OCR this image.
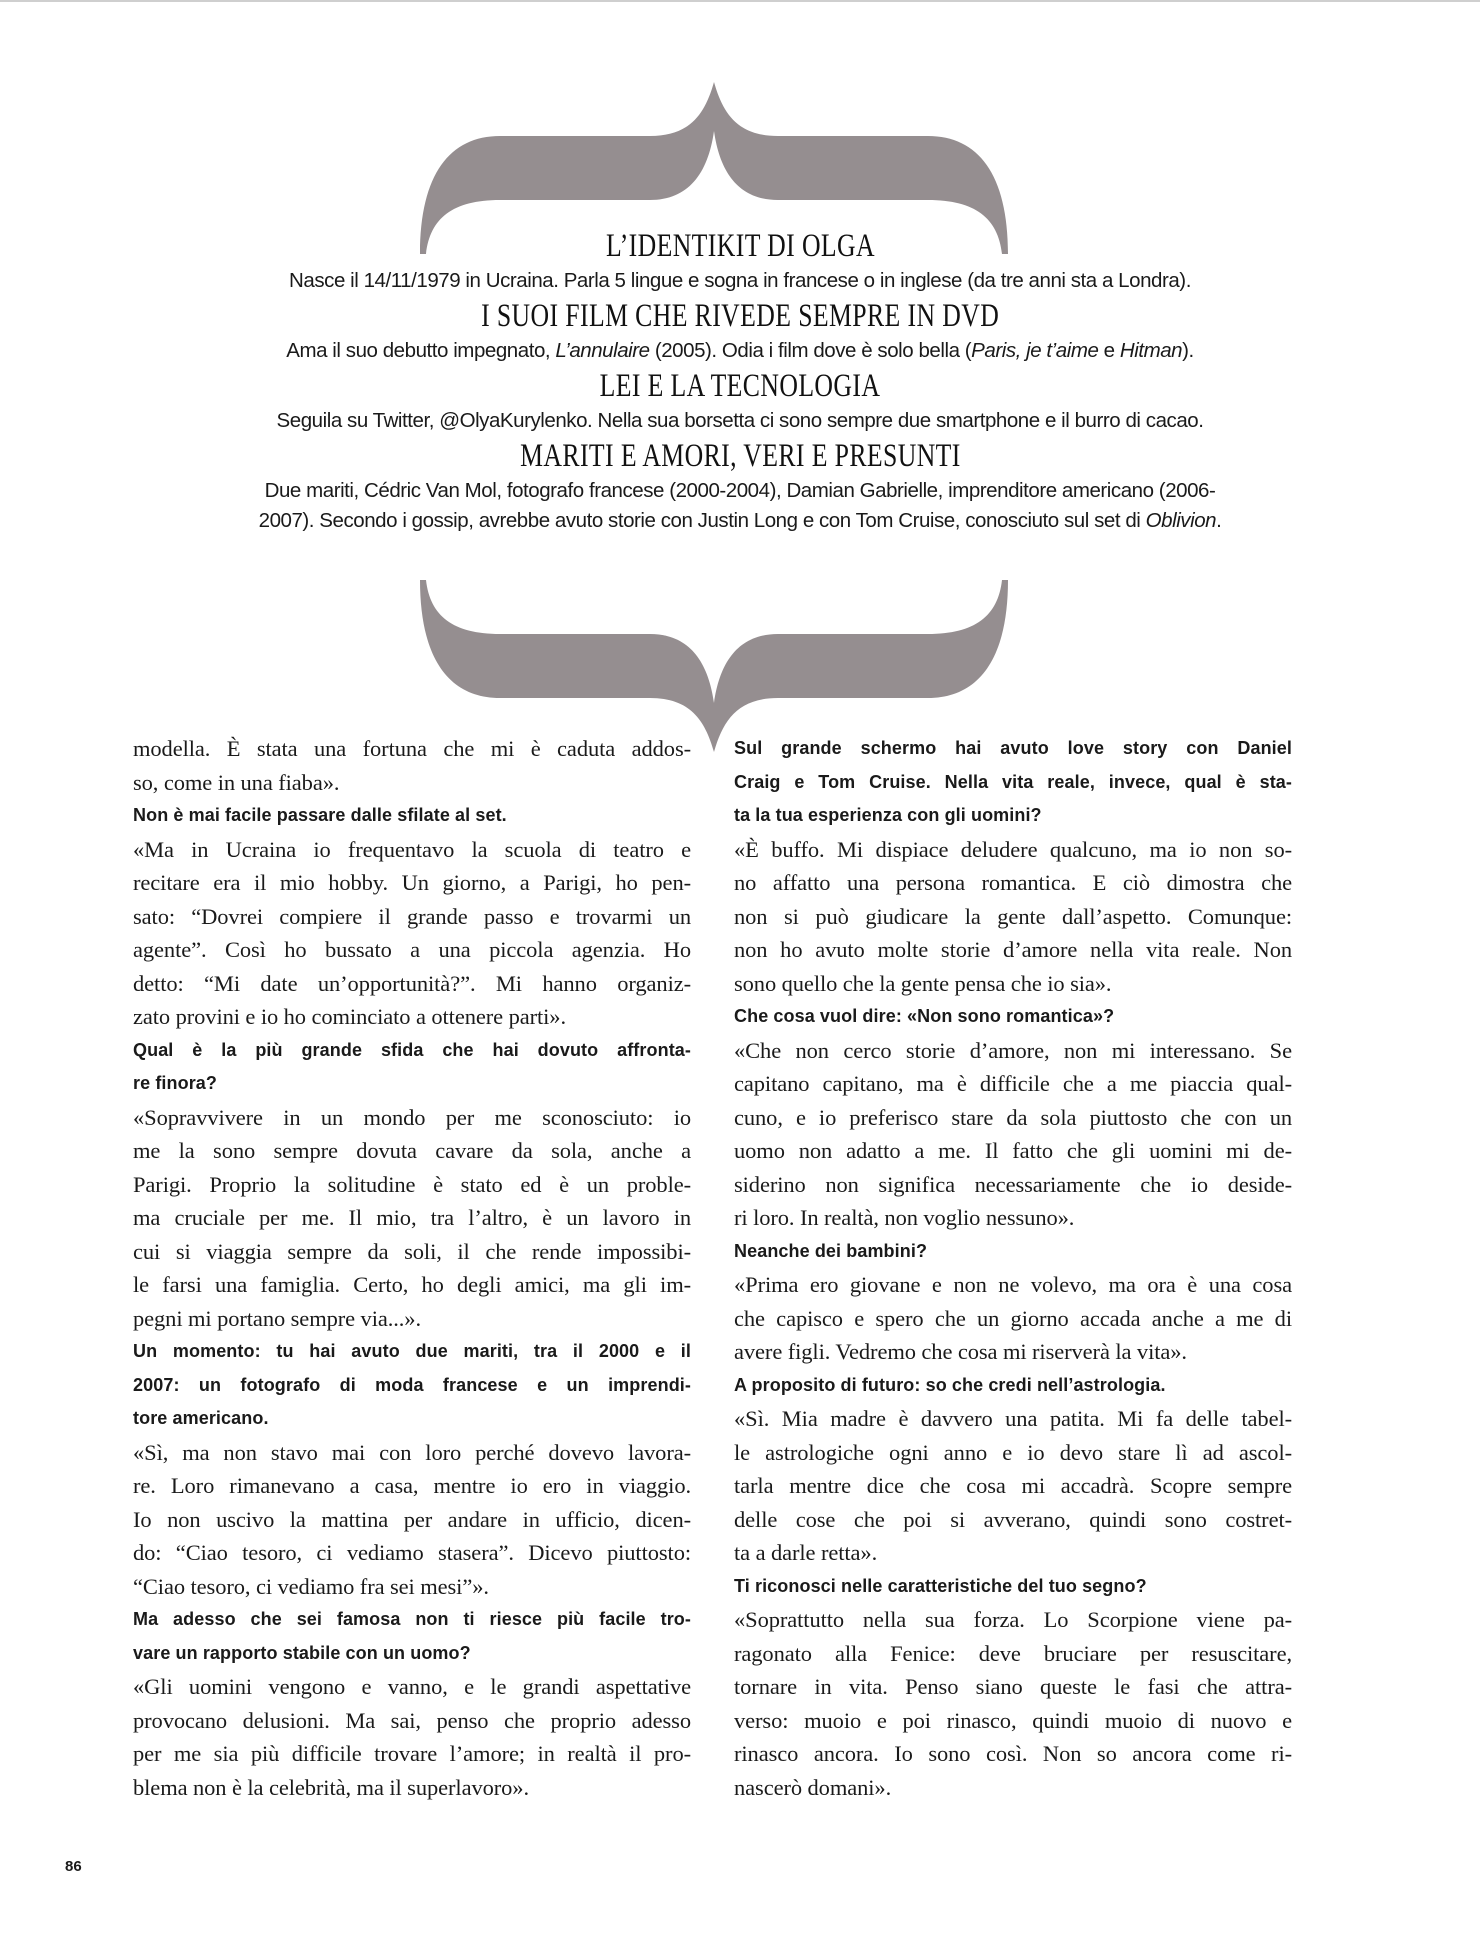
L’IDENTIKIT DI OLGA
Nasce il 14/11/1979 in Ucraina. Parla 5 lingue e sogna in francese o in inglese (da tre anni sta a Londra).
I SUOI FILM CHE RIVEDE SEMPRE IN DVD
Ama il suo debutto impegnato, L’annulaire (2005). Odia i film dove è solo bella (Paris, je t’aime e Hitman).
LEI E LA TECNOLOGIA
Seguila su Twitter, @OlyaKurylenko. Nella sua borsetta ci sono sempre due smartphone e il burro di cacao.
MARITI E AMORI, VERI E PRESUNTI
Due mariti, Cédric Van Mol, fotografo francese (2000-2004), Damian Gabrielle, imprenditore americano (2006-
2007). Secondo i gossip, avrebbe avuto storie con Justin Long e con Tom Cruise, conosciuto sul set di Oblivion.
modella. È stata una fortuna che mi è caduta addos-
so, come in una fiaba».
Non è mai facile passare dalle sfilate al set.
«Ma in Ucraina io frequentavo la scuola di teatro e
recitare era il mio hobby. Un giorno, a Parigi, ho pen-
sato: “Dovrei compiere il grande passo e trovarmi un
agente”. Così ho bussato a una piccola agenzia. Ho
detto: “Mi date un’opportunità?”. Mi hanno organiz-
zato provini e io ho cominciato a ottenere parti».
Qual è la più grande sfida che hai dovuto affronta-
re finora?
«Sopravvivere in un mondo per me sconosciuto: io
me la sono sempre dovuta cavare da sola, anche a
Parigi. Proprio la solitudine è stato ed è un proble-
ma cruciale per me. Il mio, tra l’altro, è un lavoro in
cui si viaggia sempre da soli, il che rende impossibi-
le farsi una famiglia. Certo, ho degli amici, ma gli im-
pegni mi portano sempre via...».
Un momento: tu hai avuto due mariti, tra il 2000 e il
2007: un fotografo di moda francese e un imprendi-
tore americano.
«Sì, ma non stavo mai con loro perché dovevo lavora-
re. Loro rimanevano a casa, mentre io ero in viaggio.
Io non uscivo la mattina per andare in ufficio, dicen-
do: “Ciao tesoro, ci vediamo stasera”. Dicevo piuttosto:
“Ciao tesoro, ci vediamo fra sei mesi”».
Ma adesso che sei famosa non ti riesce più facile tro-
vare un rapporto stabile con un uomo?
«Gli uomini vengono e vanno, e le grandi aspettative
provocano delusioni. Ma sai, penso che proprio adesso
per me sia più difficile trovare l’amore; in realtà il pro-
blema non è la celebrità, ma il superlavoro».
Sul grande schermo hai avuto love story con Daniel
Craig e Tom Cruise. Nella vita reale, invece, qual è sta-
ta la tua esperienza con gli uomini?
«È buffo. Mi dispiace deludere qualcuno, ma io non so-
no affatto una persona romantica. E ciò dimostra che
non si può giudicare la gente dall’aspetto. Comunque:
non ho avuto molte storie d’amore nella vita reale. Non
sono quello che la gente pensa che io sia».
Che cosa vuol dire: «Non sono romantica»?
«Che non cerco storie d’amore, non mi interessano. Se
capitano capitano, ma è difficile che a me piaccia qual-
cuno, e io preferisco stare da sola piuttosto che con un
uomo non adatto a me. Il fatto che gli uomini mi de-
siderino non significa necessariamente che io deside-
ri loro. In realtà, non voglio nessuno».
Neanche dei bambini?
«Prima ero giovane e non ne volevo, ma ora è una cosa
che capisco e spero che un giorno accada anche a me di
avere figli. Vedremo che cosa mi riserverà la vita».
A proposito di futuro: so che credi nell’astrologia.
«Sì. Mia madre è davvero una patita. Mi fa delle tabel-
le astrologiche ogni anno e io devo stare lì ad ascol-
tarla mentre dice che cosa mi accadrà. Scopre sempre
delle cose che poi si avverano, quindi sono costret-
ta a darle retta».
Ti riconosci nelle caratteristiche del tuo segno?
«Soprattutto nella sua forza. Lo Scorpione viene pa-
ragonato alla Fenice: deve bruciare per resuscitare,
tornare in vita. Penso siano queste le fasi che attra-
verso: muoio e poi rinasco, quindi muoio di nuovo e
rinasco ancora. Io sono così. Non so ancora come ri-
nascerò domani».
86
